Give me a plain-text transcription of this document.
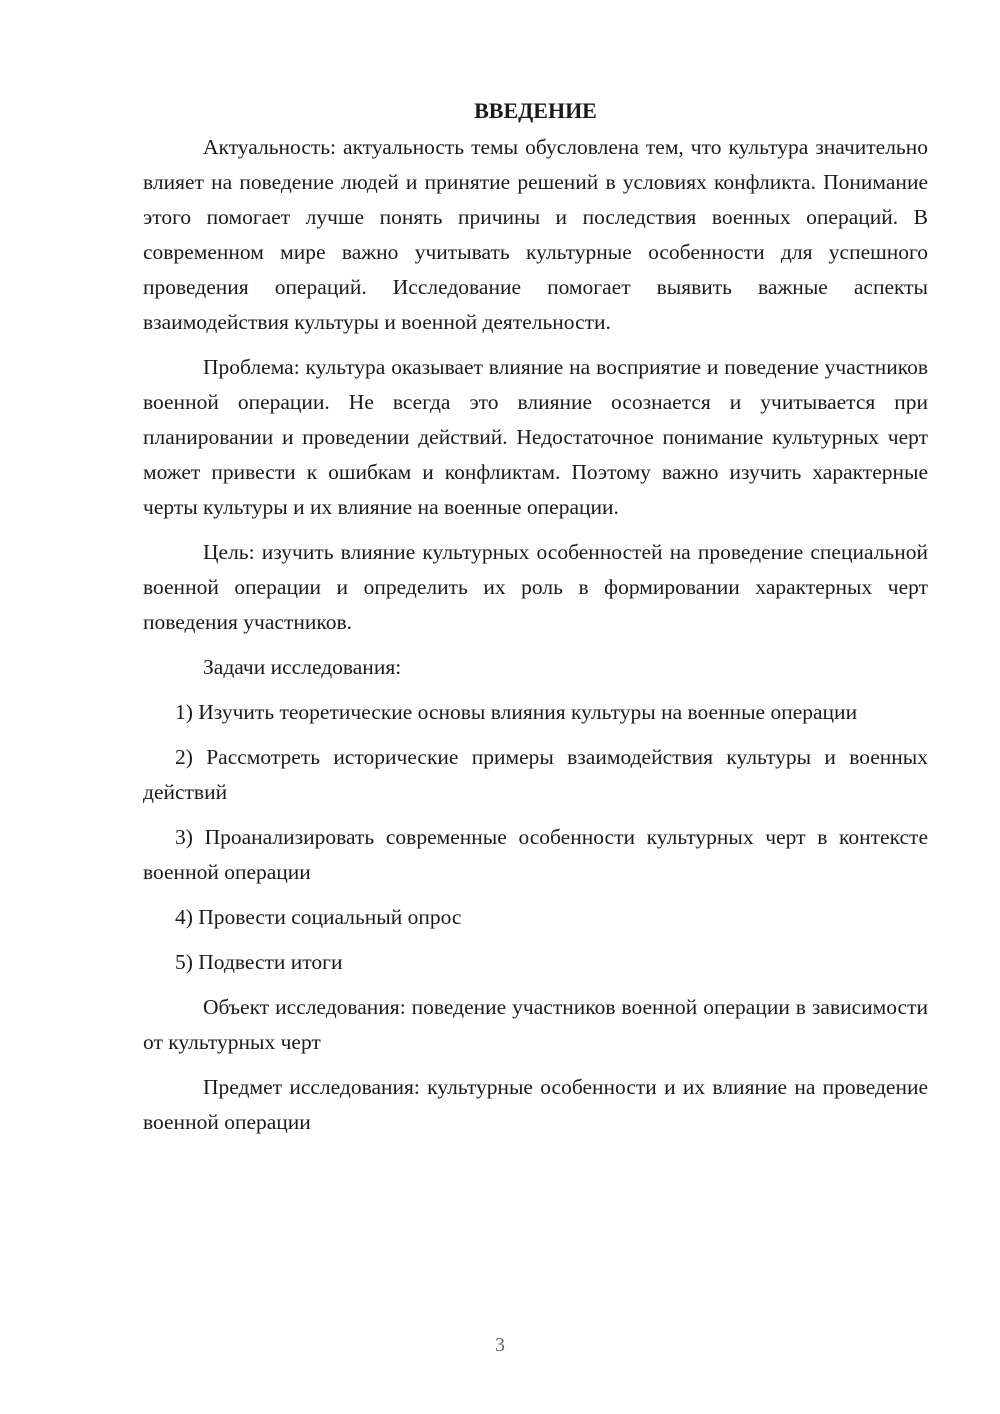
ВВЕДЕНИЕ

Актуальность: актуальность темы обусловлена тем, что культура значительно влияет на поведение людей и принятие решений в условиях конфликта. Понимание этого помогает лучше понять причины и последствия военных операций. В современном мире важно учитывать культурные особенности для успешного проведения операций. Исследование помогает выявить важные аспекты взаимодействия культуры и военной деятельности.

Проблема: культура оказывает влияние на восприятие и поведение участников военной операции. Не всегда это влияние осознается и учитывается при планировании и проведении действий. Недостаточное понимание культурных черт может привести к ошибкам и конфликтам. Поэтому важно изучить характерные черты культуры и их влияние на военные операции.

Цель: изучить влияние культурных особенностей на проведение специальной военной операции и определить их роль в формировании характерных черт поведения участников.

Задачи исследования:

1) Изучить теоретические основы влияния культуры на военные операции

2) Рассмотреть исторические примеры взаимодействия культуры и военных действий

3) Проанализировать современные особенности культурных черт в контексте военной операции

4) Провести социальный опрос

5) Подвести итоги

Объект исследования: поведение участников военной операции в зависимости от культурных черт

Предмет исследования: культурные особенности и их влияние на проведение военной операции

3
